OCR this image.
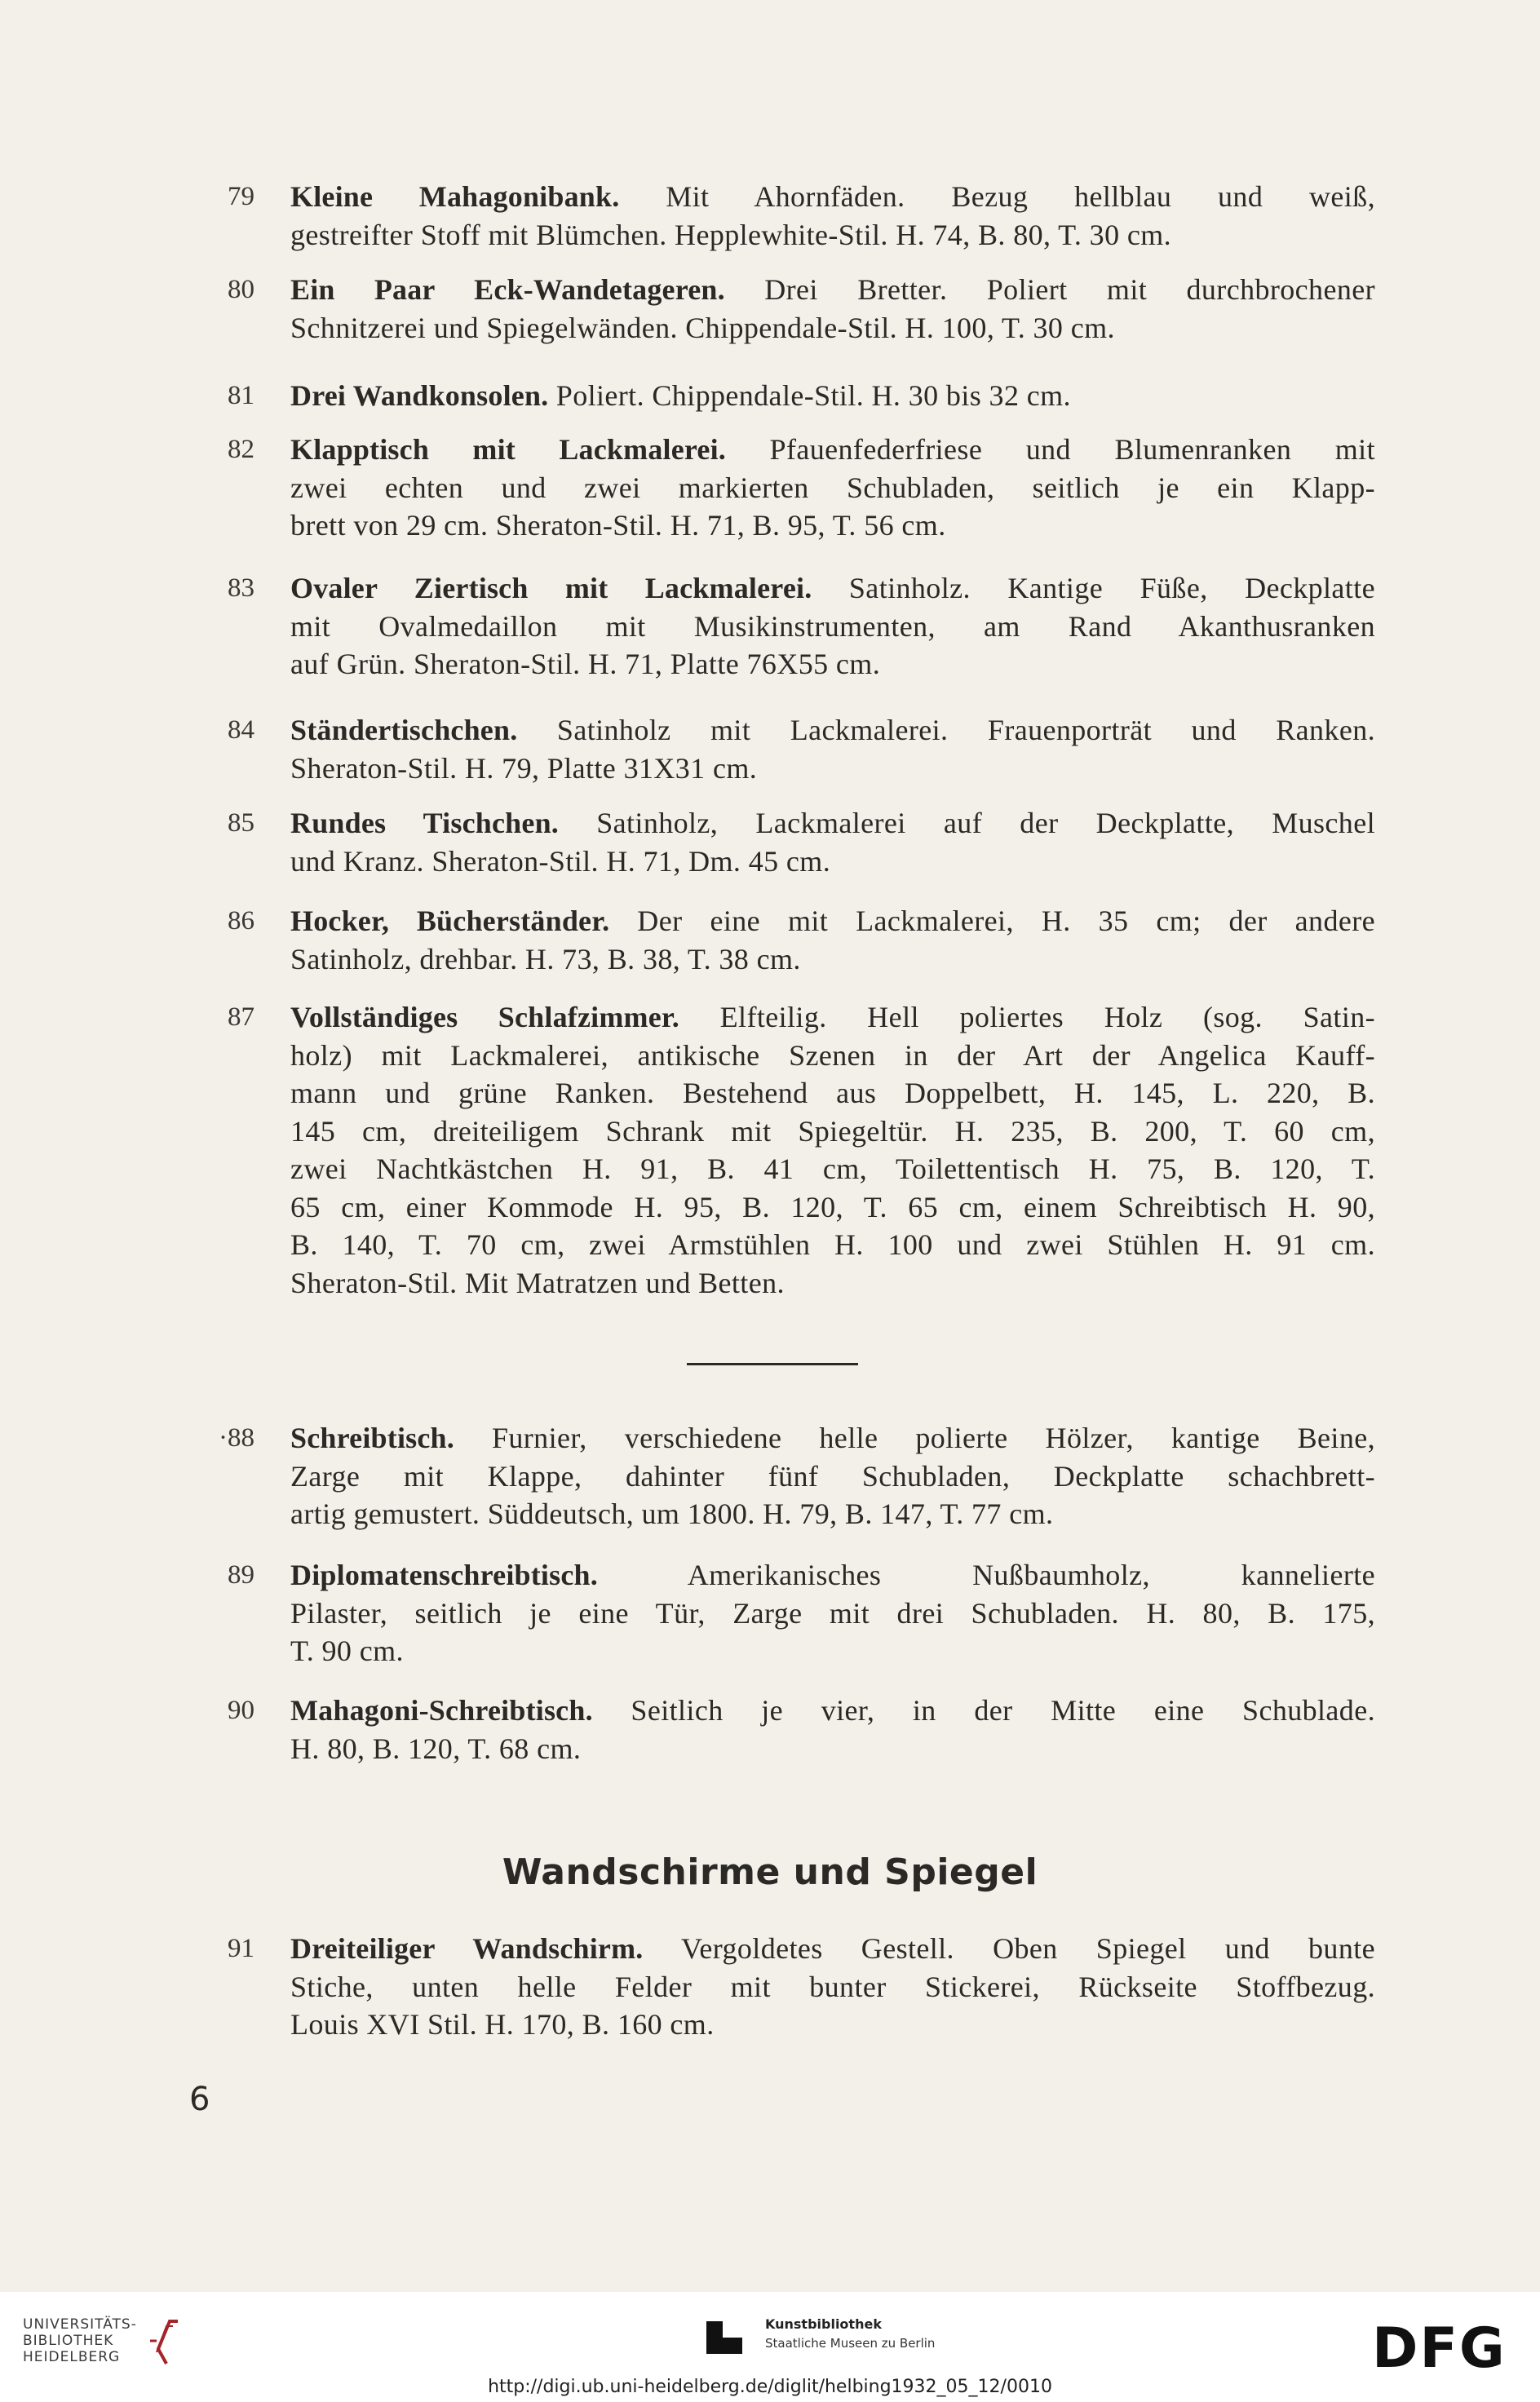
79 Kleine Mahagonibank. Mit Ahornfäden. Bezug hellblau und weiß,
gestreifter Stoff mit Blümchen. Hepplewhite-Stil. H. 74, B. 80, T. 30 cm.
80 Ein Paar Eck-Wandetageren. Drei Bretter. Poliert mit durchbrochener
Schnitzerei und Spiegelwänden. Chippendale-Stil. H. 100, T. 30 cm.
81 Drei Wandkonsolen. Poliert. Chippendale-Stil. H. 30 bis 32 cm.
82 Klapptisch mit Lackmalerei. Pfauenfederfriese und Blumenranken mit
zwei echten und zwei markierten Schubladen, seitlich je ein Klapp-
brett von 29 cm. Sheraton-Stil. H. 71, B. 95, T. 56 cm.
83 Ovaler Ziertisch mit Lackmalerei. Satinholz. Kantige Füße, Deckplatte
mit Ovalmedaillon mit Musikinstrumenten, am Rand Akanthusranken
auf Grün. Sheraton-Stil. H. 71, Platte 76X55 cm.
84 Ständertischchen. Satinholz mit Lackmalerei. Frauenporträt und Ranken.
Sheraton-Stil. H. 79, Platte 31X31 cm.
85 Rundes Tischchen. Satinholz, Lackmalerei auf der Deckplatte, Muschel
und Kranz. Sheraton-Stil. H. 71, Dm. 45 cm.
86 Hocker, Bücherständer. Der eine mit Lackmalerei, H. 35 cm; der andere
Satinholz, drehbar. H. 73, B. 38, T. 38 cm.
87 Vollständiges Schlafzimmer. Elfteilig. Hell poliertes Holz (sog. Satin-
holz) mit Lackmalerei, antikische Szenen in der Art der Angelica Kauff-
mann und grüne Ranken. Bestehend aus Doppelbett, H. 145, L. 220, B.
145 cm, dreiteiligem Schrank mit Spiegeltür. H. 235, B. 200, T. 60 cm,
zwei Nachtkästchen H. 91, B. 41 cm, Toilettentisch H. 75, B. 120, T.
65 cm, einer Kommode H. 95, B. 120, T. 65 cm, einem Schreibtisch H. 90,
B. 140, T. 70 cm, zwei Armstühlen H. 100 und zwei Stühlen H. 91 cm.
Sheraton-Stil. Mit Matratzen und Betten.
·88 Schreibtisch. Furnier, verschiedene helle polierte Hölzer, kantige Beine,
Zarge mit Klappe, dahinter fünf Schubladen, Deckplatte schachbrett-
artig gemustert. Süddeutsch, um 1800. H. 79, B. 147, T. 77 cm.
89 Diplomatenschreibtisch. Amerikanisches Nußbaumholz, kannelierte
Pilaster, seitlich je eine Tür, Zarge mit drei Schubladen. H. 80, B. 175,
T. 90 cm.
90 Mahagoni-Schreibtisch. Seitlich je vier, in der Mitte eine Schublade.
H. 80, B. 120, T. 68 cm.
91 Dreiteiliger Wandschirm. Vergoldetes Gestell. Oben Spiegel und bunte
Stiche, unten helle Felder mit bunter Stickerei, Rückseite Stoffbezug.
Louis XVI Stil. H. 170, B. 160 cm.
Wandschirme und Spiegel
6
UNIVERSITÄTS-
BIBLIOTHEK
HEIDELBERG
Kunstbibliothek
Staatliche Museen zu Berlin	DFG
http://digi.ub.uni-heidelberg.de/diglit/helbing1932_05_12/0010
